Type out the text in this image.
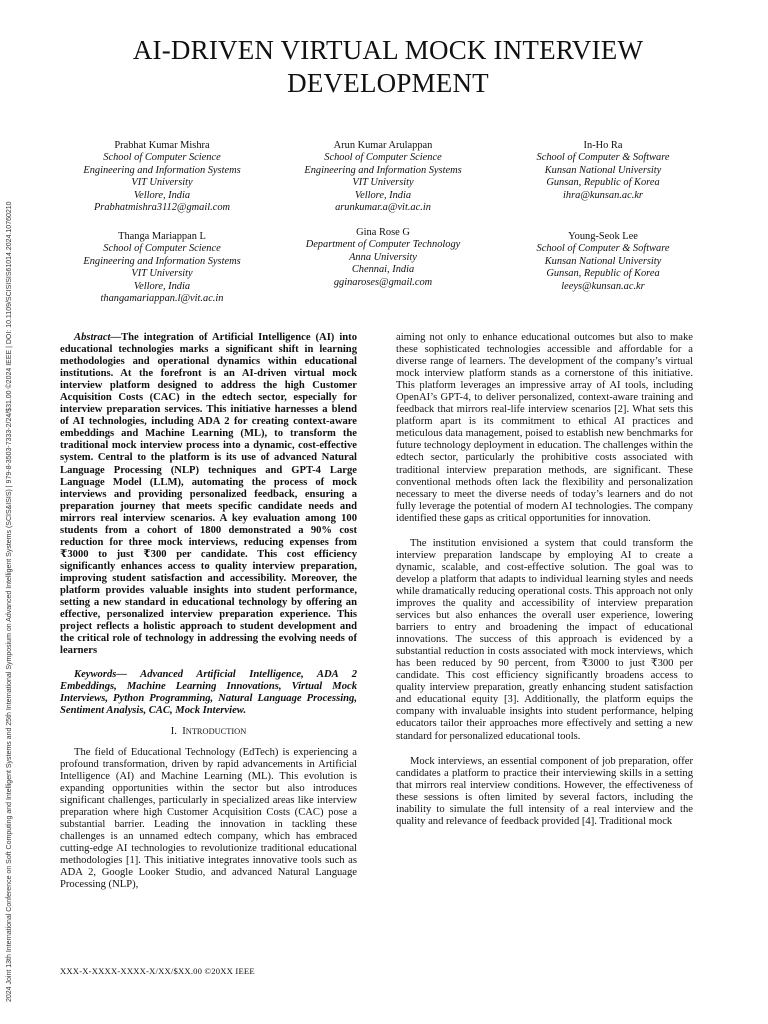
2024 Joint 13th International Conference on Soft Computing and Intelligent Systems and 25th International Symposium on Advanced Intelligent Systems (SCIS&ISIS) | 979-8-3503-7333-2/24/$31.00 ©2024 IEEE | DOI: 10.1109/SCISISIS61014.2024.10760210
AI-DRIVEN VIRTUAL MOCK INTERVIEW
DEVELOPMENT
Prabhat Kumar Mishra
School of Computer Science
Engineering and Information Systems
VIT University
Vellore, India
Prabhatmishra3112@gmail.com
Arun Kumar Arulappan
School of Computer Science
Engineering and Information Systems
VIT University
Vellore, India
arunkumar.a@vit.ac.in
In-Ho Ra
School of Computer & Software
Kunsan National University
Gunsan, Republic of Korea
ihra@kunsan.ac.kr
Thanga Mariappan L
School of Computer Science
Engineering and Information Systems
VIT University
Vellore, India
thangamariappan.l@vit.ac.in
Gina Rose G
Department of Computer Technology
Anna University
Chennai, India
gginaroses@gmail.com
Young-Seok Lee
School of Computer & Software
Kunsan National University
Gunsan, Republic of Korea
leeys@kunsan.ac.kr

Abstract—The integration of Artificial Intelligence (AI) into educational technologies marks a significant shift in learning methodologies and operational dynamics within educational institutions. At the forefront is an AI-driven virtual mock interview platform designed to address the high Customer Acquisition Costs (CAC) in the edtech sector, especially for interview preparation services. This initiative harnesses a blend of AI technologies, including ADA 2 for creating context-aware embeddings and Machine Learning (ML), to transform the traditional mock interview process into a dynamic, cost-effective system. Central to the platform is its use of advanced Natural Language Processing (NLP) techniques and GPT-4 Large Language Model (LLM), automating the process of mock interviews and providing personalized feedback, ensuring a preparation journey that meets specific candidate needs and mirrors real interview scenarios. A key evaluation among 100 students from a cohort of 1800 demonstrated a 90% cost reduction for three mock interviews, reducing expenses from ₹3000 to just ₹300 per candidate. This cost efficiency significantly enhances access to quality interview preparation, improving student satisfaction and accessibility. Moreover, the platform provides valuable insights into student performance, setting a new standard in educational technology by offering an effective, personalized interview preparation experience. This project reflects a holistic approach to student development and the critical role of technology in addressing the evolving needs of learners

Keywords— Advanced Artificial Intelligence, ADA 2 Embeddings, Machine Learning Innovations, Virtual Mock Interviews, Python Programming, Natural Language Processing, Sentiment Analysis, CAC, Mock Interview.

I. INTRODUCTION

The field of Educational Technology (EdTech) is experiencing a profound transformation, driven by rapid advancements in Artificial Intelligence (AI) and Machine Learning (ML). This evolution is expanding opportunities within the sector but also introduces significant challenges, particularly in specialized areas like interview preparation where high Customer Acquisition Costs (CAC) pose a substantial barrier. Leading the innovation in tackling these challenges is an unnamed edtech company, which has embraced cutting-edge AI technologies to revolutionize traditional educational methodologies [1]. This initiative integrates innovative tools such as ADA 2, Google Looker Studio, and advanced Natural Language Processing (NLP),

aiming not only to enhance educational outcomes but also to make these sophisticated technologies accessible and affordable for a diverse range of learners. The development of the company’s virtual mock interview platform stands as a cornerstone of this initiative. This platform leverages an impressive array of AI tools, including OpenAI’s GPT-4, to deliver personalized, context-aware training and feedback that mirrors real-life interview scenarios [2]. What sets this platform apart is its commitment to ethical AI practices and meticulous data management, poised to establish new benchmarks for future technology deployment in education. The challenges within the edtech sector, particularly the prohibitive costs associated with traditional interview preparation methods, are significant. These conventional methods often lack the flexibility and personalization necessary to meet the diverse needs of today’s learners and do not fully leverage the potential of modern AI technologies. The company identified these gaps as critical opportunities for innovation.

The institution envisioned a system that could transform the interview preparation landscape by employing AI to create a dynamic, scalable, and cost-effective solution. The goal was to develop a platform that adapts to individual learning styles and needs while dramatically reducing operational costs. This approach not only improves the quality and accessibility of interview preparation services but also enhances the overall user experience, lowering barriers to entry and broadening the impact of educational innovations. The success of this approach is evidenced by a substantial reduction in costs associated with mock interviews, which has been reduced by 90 percent, from ₹3000 to just ₹300 per candidate. This cost efficiency significantly broadens access to quality interview preparation, greatly enhancing student satisfaction and educational equity [3]. Additionally, the platform equips the company with invaluable insights into student performance, helping educators tailor their approaches more effectively and setting a new standard for personalized educational tools.

Mock interviews, an essential component of job preparation, offer candidates a platform to practice their interviewing skills in a setting that mirrors real interview conditions. However, the effectiveness of these sessions is often limited by several factors, including the inability to simulate the full intensity of a real interview and the quality and relevance of feedback provided [4]. Traditional mock

XXX-X-XXXX-XXXX-X/XX/$XX.00 ©20XX IEEE
